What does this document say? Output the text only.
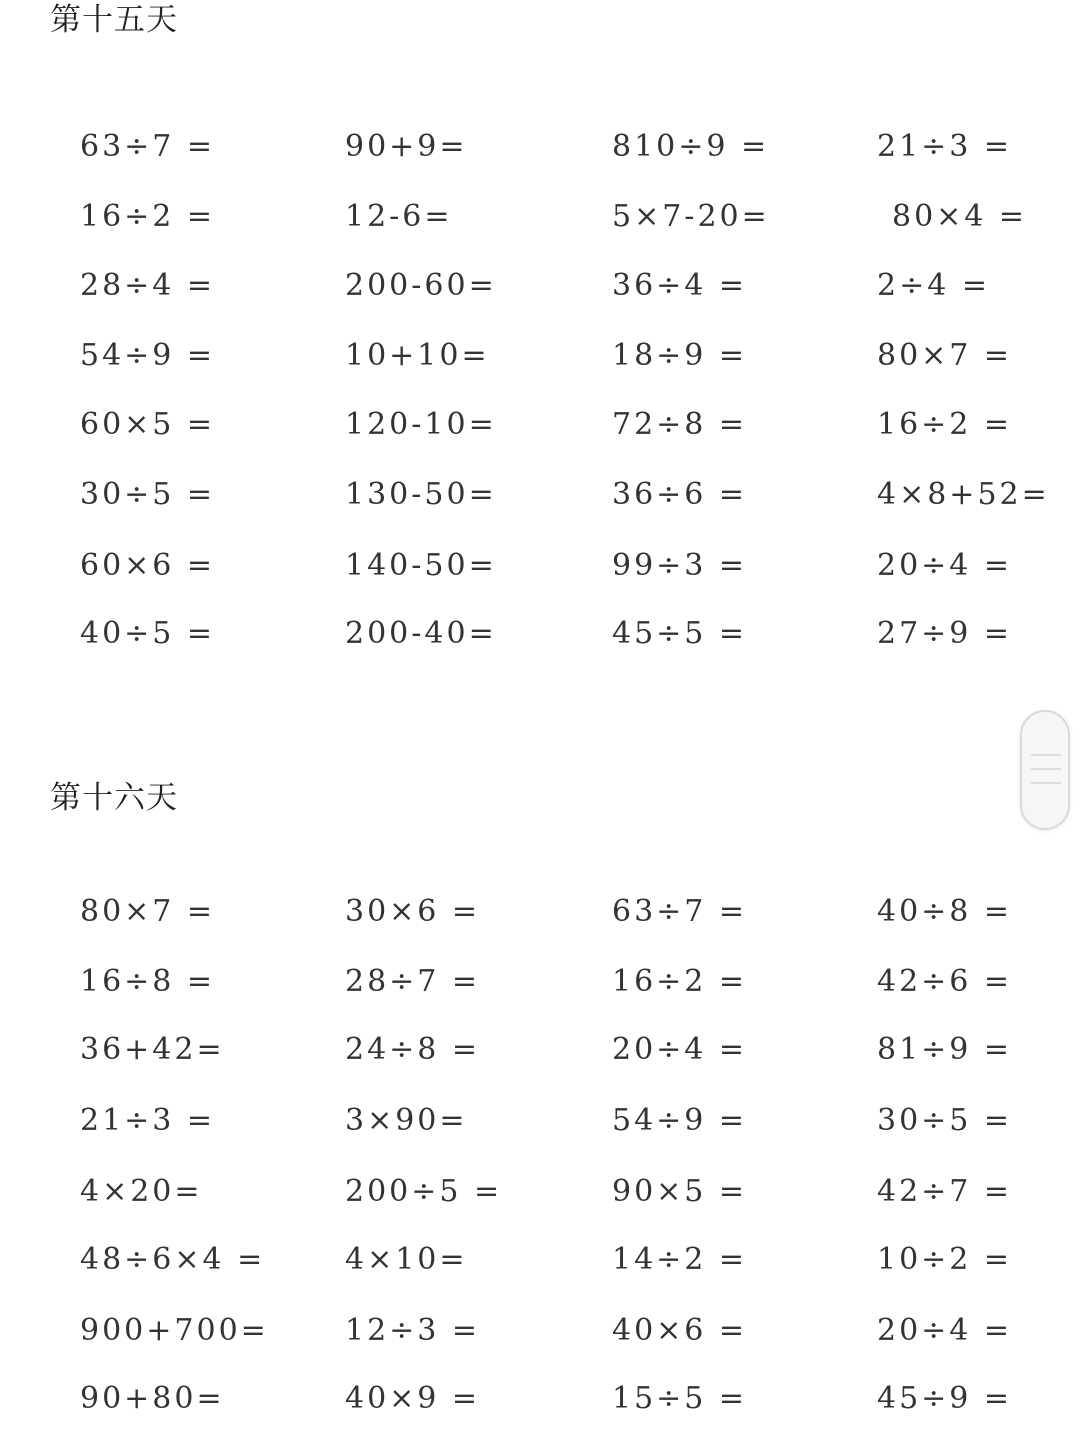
第十五天
63÷7 =	90+9=	810÷9 =	21÷3 =
16÷2 =	12-6=	5×7-20=	80×4 =
28÷4 =	200-60=	36÷4 =	2÷4 =
54÷9 =	10+10=	18÷9 =	80×7 =
60×5 =	120-10=	72÷8 =	16÷2 =
30÷5 =	130-50=	36÷6 =	4×8+52=
60×6 =	140-50=	99÷3 =	20÷4 =
40÷5 =	200-40=	45÷5 =	27÷9 =
第十六天
80×7 =	30×6 =	63÷7 =	40÷8 =
16÷8 =	28÷7 =	16÷2 =	42÷6 =
36+42=	24÷8 =	20÷4 =	81÷9 =
21÷3 =	3×90=	54÷9 =	30÷5 =
4×20=	200÷5 =	90×5 =	42÷7 =
48÷6×4 =	4×10=	14÷2 =	10÷2 =
900+700=	12÷3 =	40×6 =	20÷4 =
90+80=	40×9 =	15÷5 =	45÷9 =
